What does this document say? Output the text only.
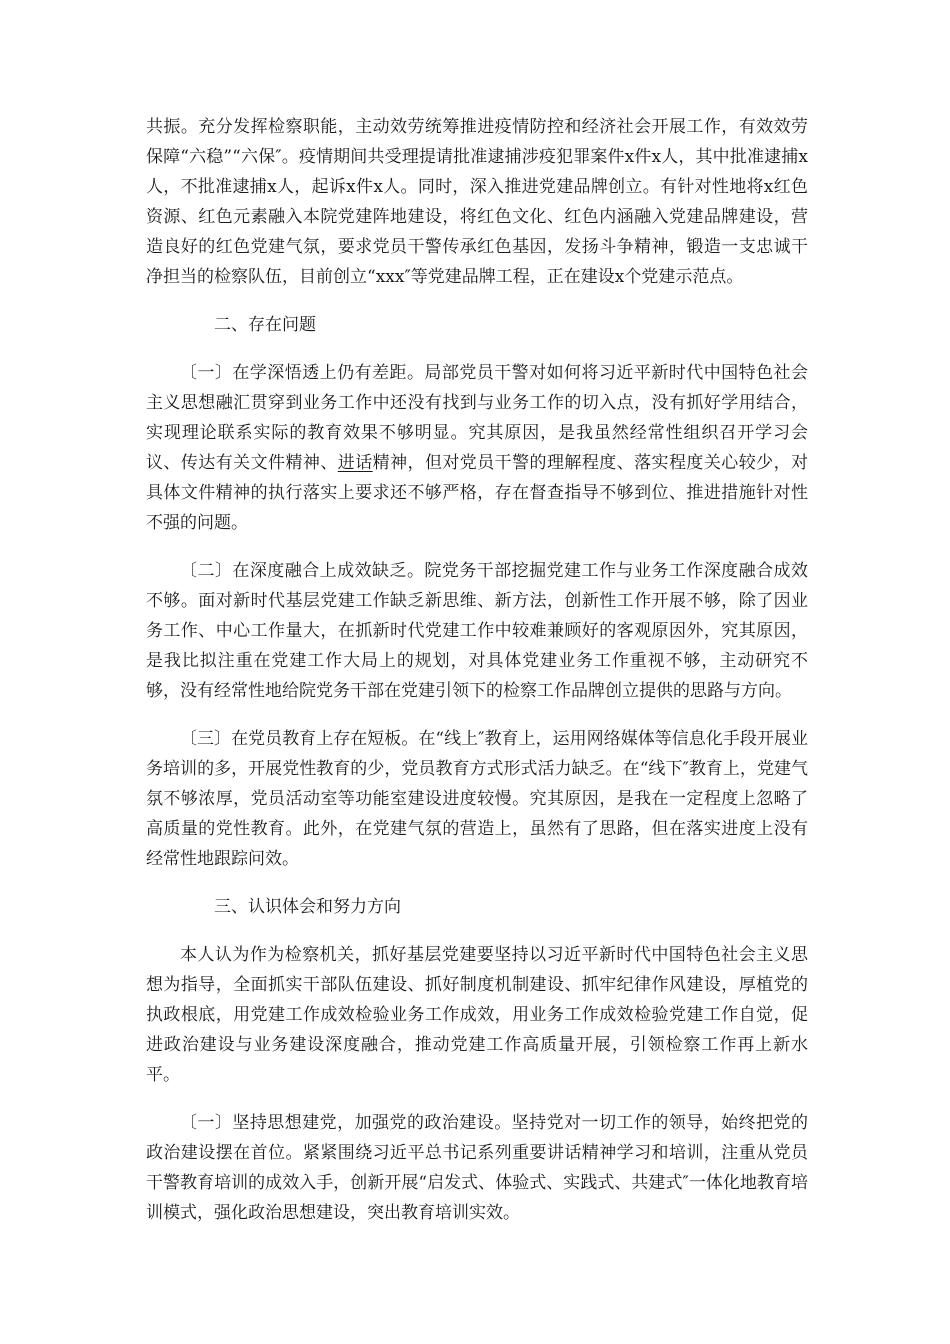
共振。充分发挥检察职能，主动效劳统筹推进疫情防控和经济社会开展工作，有效效劳保障“六稳”“六保″。疫情期间共受理提请批准逮捕涉疫犯罪案件x件x人，其中批准逮捕x人，不批准逮捕x人，起诉x件x人。同时，深入推进党建品牌创立。有针对性地将x红色资源、红色元素融入本院党建阵地建设，将红色文化、红色内涵融入党建品牌建设，营造良好的红色党建气氛，要求党员干警传承红色基因，发扬斗争精神，锻造一支忠诚干净担当的检察队伍，目前创立“xxx″等党建品牌工程，正在建设x个党建示范点。

二、存在问题

〔一〕在学深悟透上仍有差距。局部党员干警对如何将习近平新时代中国特色社会主义思想融汇贯穿到业务工作中还没有找到与业务工作的切入点，没有抓好学用结合，实现理论联系实际的教育效果不够明显。究其原因，是我虽然经常性组织召开学习会议、传达有关文件精神、进话精神，但对党员干警的理解程度、落实程度关心较少，对具体文件精神的执行落实上要求还不够严格，存在督查指导不够到位、推进措施针对性不强的问题。

〔二〕在深度融合上成效缺乏。院党务干部挖掘党建工作与业务工作深度融合成效不够。面对新时代基层党建工作缺乏新思维、新方法，创新性工作开展不够，除了因业务工作、中心工作量大，在抓新时代党建工作中较难兼顾好的客观原因外，究其原因，是我比拟注重在党建工作大局上的规划，对具体党建业务工作重视不够，主动研究不够，没有经常性地给院党务干部在党建引领下的检察工作品牌创立提供的思路与方向。

〔三〕在党员教育上存在短板。在“线上″教育上，运用网络媒体等信息化手段开展业务培训的多，开展党性教育的少，党员教育方式形式活力缺乏。在“线下″教育上，党建气氛不够浓厚，党员活动室等功能室建设进度较慢。究其原因，是我在一定程度上忽略了高质量的党性教育。此外，在党建气氛的营造上，虽然有了思路，但在落实进度上没有经常性地跟踪问效。

三、认识体会和努力方向

本人认为作为检察机关，抓好基层党建要坚持以习近平新时代中国特色社会主义思想为指导，全面抓实干部队伍建设、抓好制度机制建设、抓牢纪律作风建设，厚植党的执政根底，用党建工作成效检验业务工作成效，用业务工作成效检验党建工作自觉，促进政治建设与业务建设深度融合，推动党建工作高质量开展，引领检察工作再上新水平。

〔一〕坚持思想建党，加强党的政治建设。坚持党对一切工作的领导，始终把党的政治建设摆在首位。紧紧围绕习近平总书记系列重要讲话精神学习和培训，注重从党员干警教育培训的成效入手，创新开展“启发式、体验式、实践式、共建式″一体化地教育培训模式，强化政治思想建设，突出教育培训实效。
